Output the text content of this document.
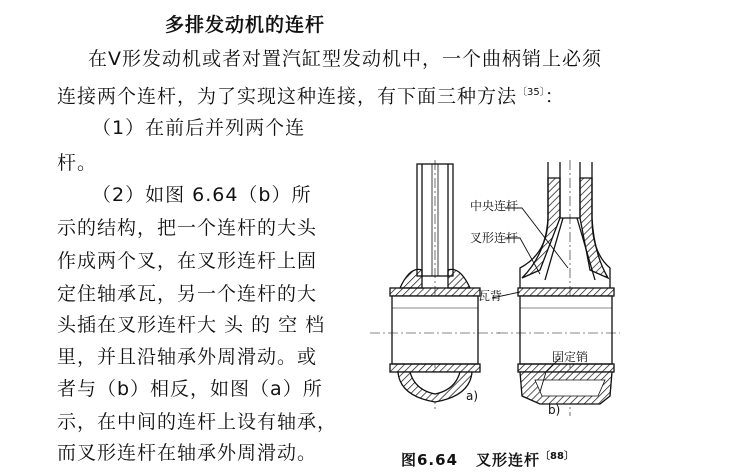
多排发动机的连杆
在V形发动机或者对置汽缸型发动机中，一个曲柄销上必须
连接两个连杆，为了实现这种连接，有下面三种方法$^{〔35〕}$：
（1）在前后并列两个连
杆。
（2）如图 6.64（b）所
示的结构，把一个连杆的大头
作成两个叉，在叉形连杆上固
定住轴承瓦，另一个连杆的大
头插在叉形连杆大 头 的 空 档
里，并且沿轴承外周滑动。或
者与（b）相反，如图（a）所
示，在中间的连杆上设有轴承，
而叉形连杆在轴承外周滑动。
中央连杆
叉形连杆
瓦背
固定销
a)
b)
图6.64 叉形连杆$^{〔88〕}$
